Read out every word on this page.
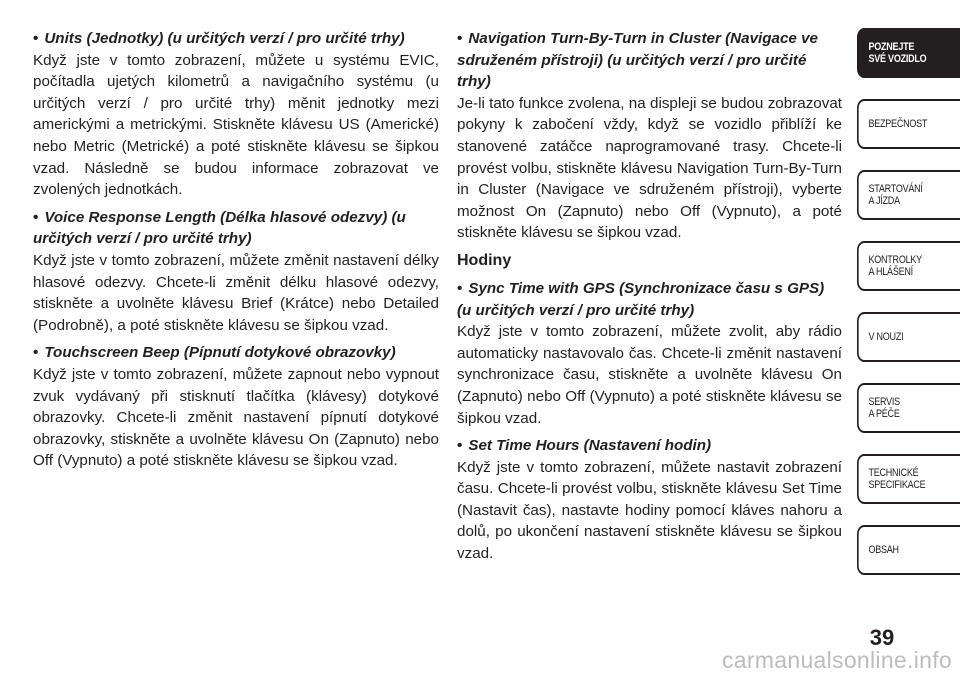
• Units (Jednotky) (u určitých verzí / pro určité trhy)

Když jste v tomto zobrazení, můžete u systému EVIC, počítadla ujetých kilometrů a navigačního systému (u určitých verzí / pro určité trhy) měnit jednotky mezi americkými a metrickými. Stiskněte klávesu US (Americké) nebo Metric (Metrické) a poté stiskněte klávesu se šipkou vzad. Následně se budou informace zobrazovat ve zvolených jednotkách.

• Voice Response Length (Délka hlasové odezvy) (u určitých verzí / pro určité trhy)

Když jste v tomto zobrazení, můžete změnit nastavení délky hlasové odezvy. Chcete-li změnit délku hlasové odezvy, stiskněte a uvolněte klávesu Brief (Krátce) nebo Detailed (Podrobně), a poté stiskněte klávesu se šipkou vzad.

• Touchscreen Beep (Pípnutí dotykové obrazovky)

Když jste v tomto zobrazení, můžete zapnout nebo vypnout zvuk vydávaný při stisknutí tlačítka (klávesy) dotykové obrazovky. Chcete-li změnit nastavení pípnutí dotykové obrazovky, stiskněte a uvolněte klávesu On (Zapnuto) nebo Off (Vypnuto) a poté stiskněte klávesu se šipkou vzad.

• Navigation Turn-By-Turn in Cluster (Navigace ve sdruženém přístroji) (u určitých verzí / pro určité trhy)

Je-li tato funkce zvolena, na displeji se budou zobrazovat pokyny k zabočení vždy, když se vozidlo přiblíží ke stanovené zatáčce naprogramované trasy. Chcete-li provést volbu, stiskněte klávesu Navigation Turn-By-Turn in Cluster (Navigace ve sdruženém přístroji), vyberte možnost On (Zapnuto) nebo Off (Vypnuto), a poté stiskněte klávesu se šipkou vzad.

Hodiny

• Sync Time with GPS (Synchronizace času s GPS) (u určitých verzí / pro určité trhy)

Když jste v tomto zobrazení, můžete zvolit, aby rádio automaticky nastavovalo čas. Chcete-li změnit nastavení synchronizace času, stiskněte a uvolněte klávesu On (Zapnuto) nebo Off (Vypnuto) a poté stiskněte klávesu se šipkou vzad.

• Set Time Hours (Nastavení hodin)

Když jste v tomto zobrazení, můžete nastavit zobrazení času. Chcete-li provést volbu, stiskněte klávesu Set Time (Nastavit čas), nastavte hodiny pomocí kláves nahoru a dolů, po ukončení nastavení stiskněte klávesu se šipkou vzad.

POZNEJTE
SVÉ VOZIDLO
BEZPEČNOST
STARTOVÁNÍ
A JÍZDA
KONTROLKY
A HLÁŠENÍ
V NOUZI
SERVIS
A PÉČE
TECHNICKÉ
SPECIFIKACE
OBSAH
39
carmanualsonline.info
